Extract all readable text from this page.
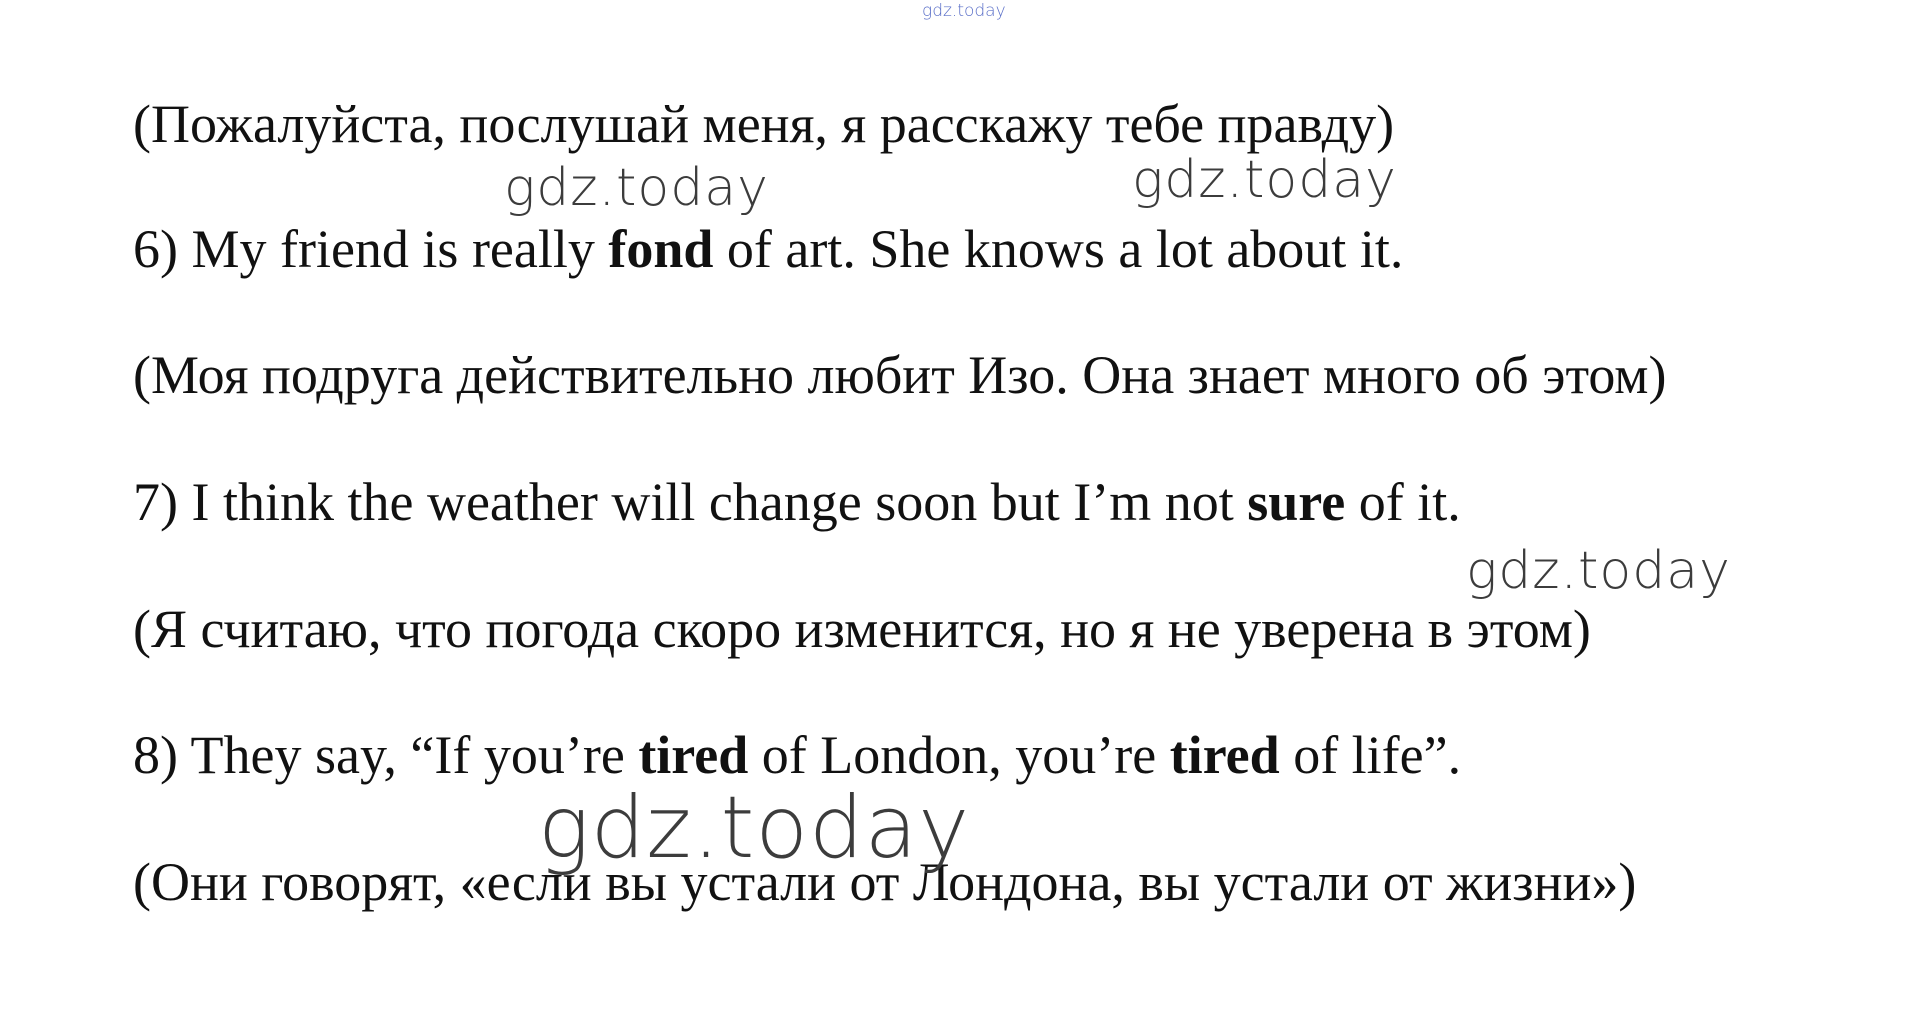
gdz.today

(Пожалуйста, послушай меня, я расскажу тебе правду)

gdz.today	gdz.today

6) My friend is really fond of art. She knows a lot about it.

(Моя подруга действительно любит Изо. Она знает много об этом)

7) I think the weather will change soon but I’m not sure of it.

gdz.today

(Я считаю, что погода скоро изменится, но я не уверена в этом)

8) They say, “If you’re tired of London, you’re tired of life”.

(Они говорят, «если вы устали от Лондона, вы устали от жизни»)

gdz.today
